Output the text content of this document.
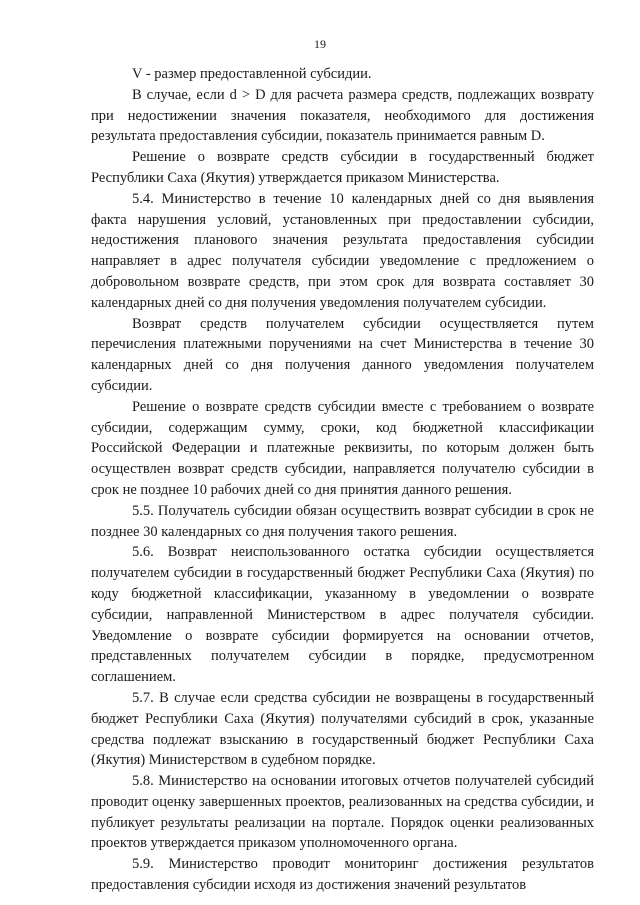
19

V - размер предоставленной субсидии.

В случае, если d > D для расчета размера средств, подлежащих возврату при недостижении значения показателя, необходимого для достижения результата предоставления субсидии, показатель принимается равным D.

Решение о возврате средств субсидии в государственный бюджет Республики Саха (Якутия) утверждается приказом Министерства.

5.4. Министерство в течение 10 календарных дней со дня выявления факта нарушения условий, установленных при предоставлении субсидии, недостижения планового значения результата предоставления субсидии направляет в адрес получателя субсидии уведомление с предложением о добровольном возврате средств, при этом срок для возврата составляет 30 календарных дней со дня получения уведомления получателем субсидии.

Возврат средств получателем субсидии осуществляется путем перечисления платежными поручениями на счет Министерства в течение 30 календарных дней со дня получения данного уведомления получателем субсидии.

Решение о возврате средств субсидии вместе с требованием о возврате субсидии, содержащим сумму, сроки, код бюджетной классификации Российской Федерации и платежные реквизиты, по которым должен быть осуществлен возврат средств субсидии, направляется получателю субсидии в срок не позднее 10 рабочих дней со дня принятия данного решения.

5.5. Получатель субсидии обязан осуществить возврат субсидии в срок не позднее 30 календарных со дня получения такого решения.

5.6. Возврат неиспользованного остатка субсидии осуществляется получателем субсидии в государственный бюджет Республики Саха (Якутия) по коду бюджетной классификации, указанному в уведомлении о возврате субсидии, направленной Министерством в адрес получателя субсидии. Уведомление о возврате субсидии формируется на основании отчетов, представленных получателем субсидии в порядке, предусмотренном соглашением.

5.7. В случае если средства субсидии не возвращены в государственный бюджет Республики Саха (Якутия) получателями субсидий в срок, указанные средства подлежат взысканию в государственный бюджет Республики Саха (Якутия) Министерством в судебном порядке.

5.8. Министерство на основании итоговых отчетов получателей субсидий проводит оценку завершенных проектов, реализованных на средства субсидии, и публикует результаты реализации на портале. Порядок оценки реализованных проектов утверждается приказом уполномоченного органа.

5.9. Министерство проводит мониторинг достижения результатов предоставления субсидии исходя из достижения значений результатов
